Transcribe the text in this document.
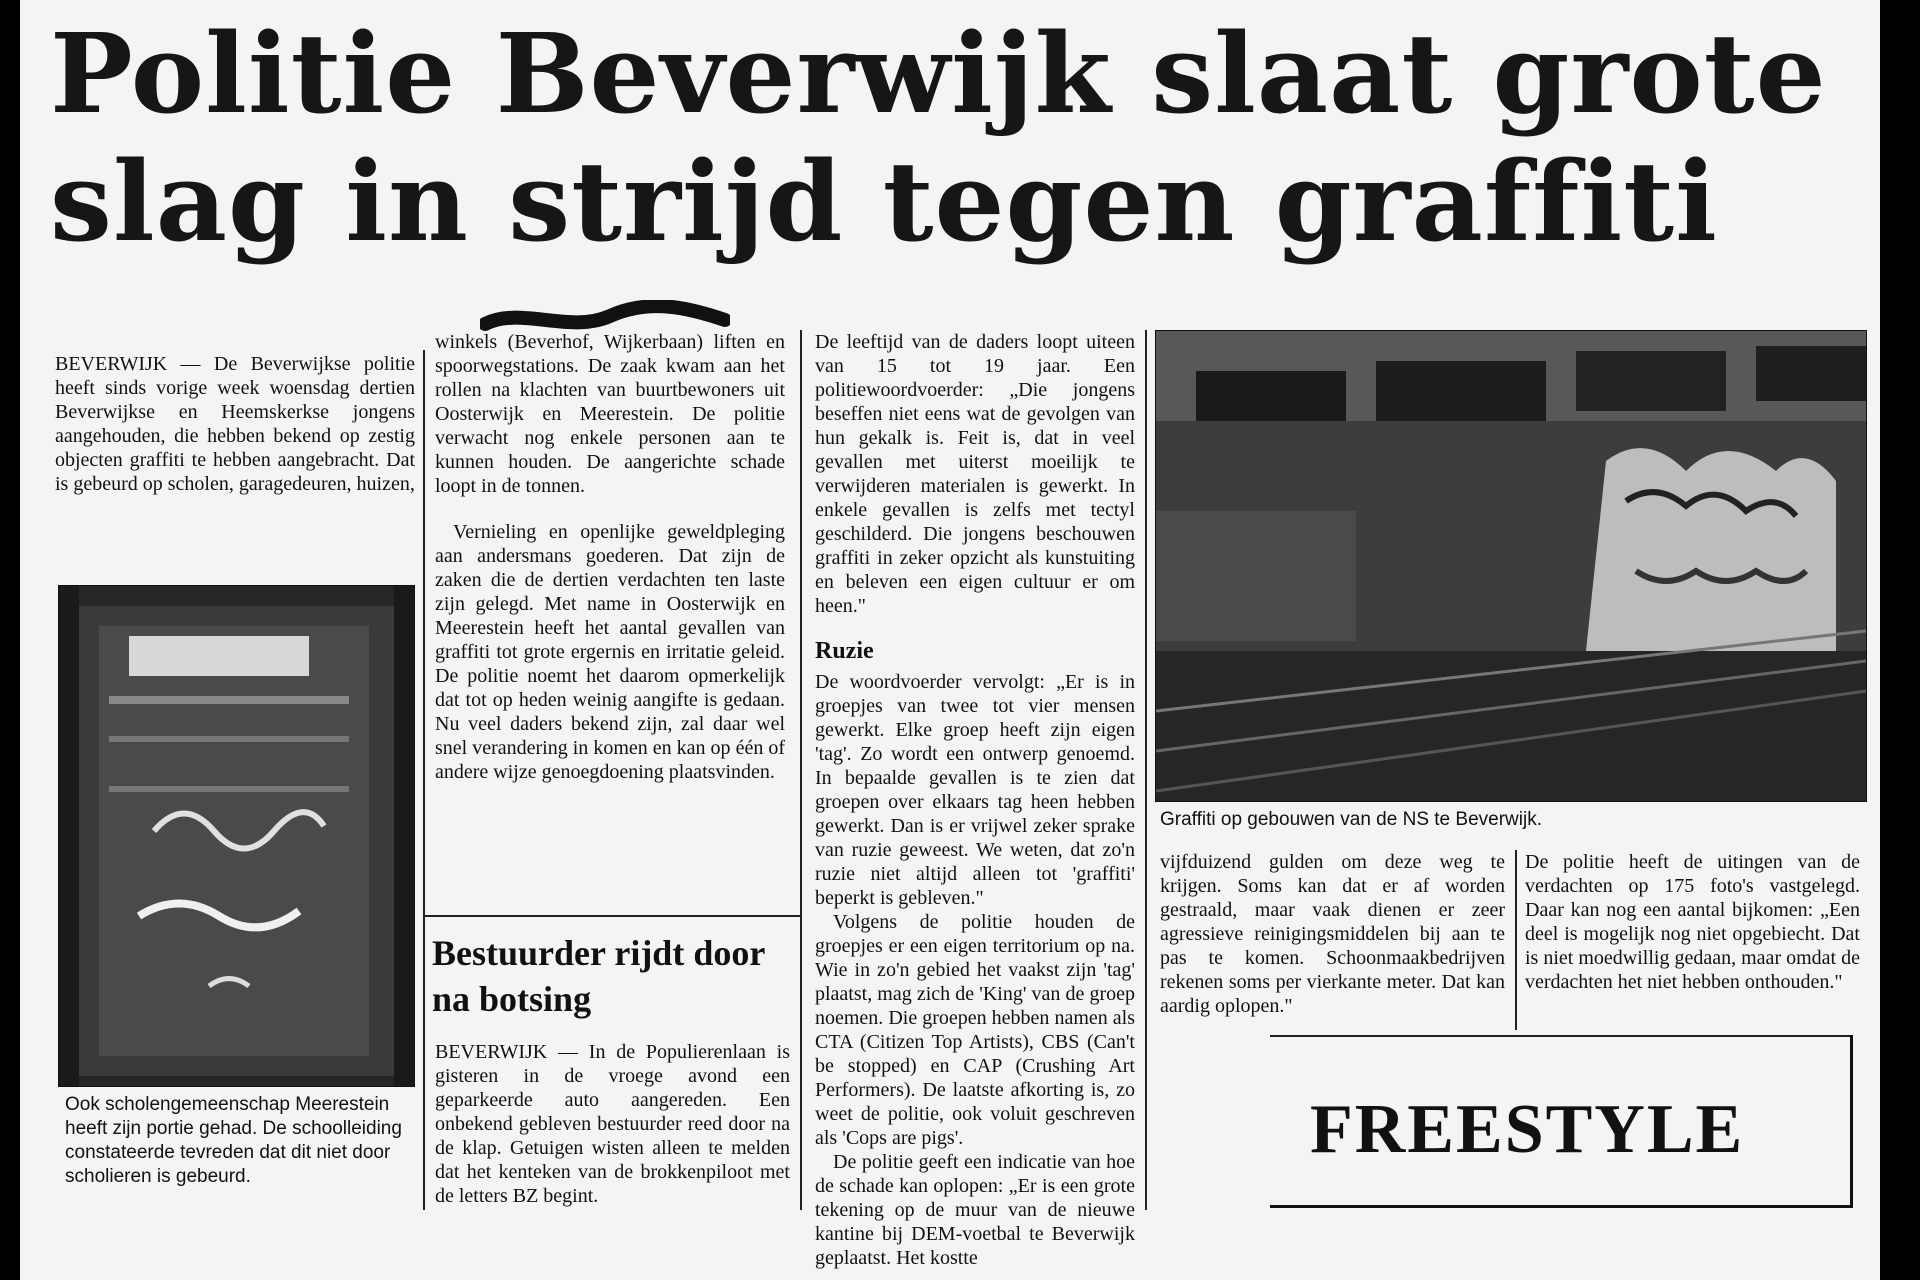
Politie Beverwijk slaat grote
slag in strijd tegen graffiti

BEVERWIJK — De Beverwijkse politie heeft sinds vorige week woensdag dertien Beverwijkse en Heemskerkse jongens aangehouden, die hebben bekend op zestig objecten graffiti te hebben aangebracht. Dat is gebeurd op scholen, garagedeuren, huizen,

Ook scholengemeenschap Meerestein heeft zijn portie gehad. De schoolleiding constateerde tevreden dat dit niet door scholieren is gebeurd.

winkels (Beverhof, Wijkerbaan) liften en spoorwegstations. De zaak kwam aan het rollen na klachten van buurtbewoners uit Oosterwijk en Meerestein. De politie verwacht nog enkele personen aan te kunnen houden. De aangerichte schade loopt in de tonnen.

Vernieling en openlijke geweldpleging aan andersmans goederen. Dat zijn de zaken die de dertien verdachten ten laste zijn gelegd. Met name in Oosterwijk en Meerestein heeft het aantal gevallen van graffiti tot grote ergernis en irritatie geleid. De politie noemt het daarom opmerkelijk dat tot op heden weinig aangifte is gedaan. Nu veel daders bekend zijn, zal daar wel snel verandering in komen en kan op één of andere wijze genoegdoening plaatsvinden.

Bestuurder rijdt door na botsing

BEVERWIJK — In de Populierenlaan is gisteren in de vroege avond een geparkeerde auto aangereden. Een onbekend gebleven bestuurder reed door na de klap. Getuigen wisten alleen te melden dat het kenteken van de brokkenpiloot met de letters BZ begint.

De leeftijd van de daders loopt uiteen van 15 tot 19 jaar. Een politiewoordvoerder: „Die jongens beseffen niet eens wat de gevolgen van hun gekalk is. Feit is, dat in veel gevallen met uiterst moeilijk te verwijderen materialen is gewerkt. In enkele gevallen is zelfs met tectyl geschilderd. Die jongens beschouwen graffiti in zeker opzicht als kunstuiting en beleven een eigen cultuur er om heen."

Ruzie

De woordvoerder vervolgt: „Er is in groepjes van twee tot vier mensen gewerkt. Elke groep heeft zijn eigen 'tag'. Zo wordt een ontwerp genoemd. In bepaalde gevallen is te zien dat groepen over elkaars tag heen hebben gewerkt. Dan is er vrijwel zeker sprake van ruzie geweest. We weten, dat zo'n ruzie niet altijd alleen tot 'graffiti' beperkt is gebleven."

Volgens de politie houden de groepjes er een eigen territorium op na. Wie in zo'n gebied het vaakst zijn 'tag' plaatst, mag zich de 'King' van de groep noemen. Die groepen hebben namen als CTA (Citizen Top Artists), CBS (Can't be stopped) en CAP (Crushing Art Performers). De laatste afkorting is, zo weet de politie, ook voluit geschreven als 'Cops are pigs'.

De politie geeft een indicatie van hoe de schade kan oplopen: „Er is een grote tekening op de muur van de nieuwe kantine bij DEM-voetbal te Beverwijk geplaatst. Het kostte

Graffiti op gebouwen van de NS te Beverwijk.

vijfduizend gulden om deze weg te krijgen. Soms kan dat er af worden gestraald, maar vaak dienen er zeer agressieve reinigingsmiddelen bij aan te pas te komen. Schoonmaakbedrijven rekenen soms per vierkante meter. Dat kan aardig oplopen."

De politie heeft de uitingen van de verdachten op 175 foto's vastgelegd. Daar kan nog een aantal bijkomen: „Een deel is mogelijk nog niet opgebiecht. Dat is niet moedwillig gedaan, maar omdat de verdachten het niet hebben onthouden."

FREESTYLE
